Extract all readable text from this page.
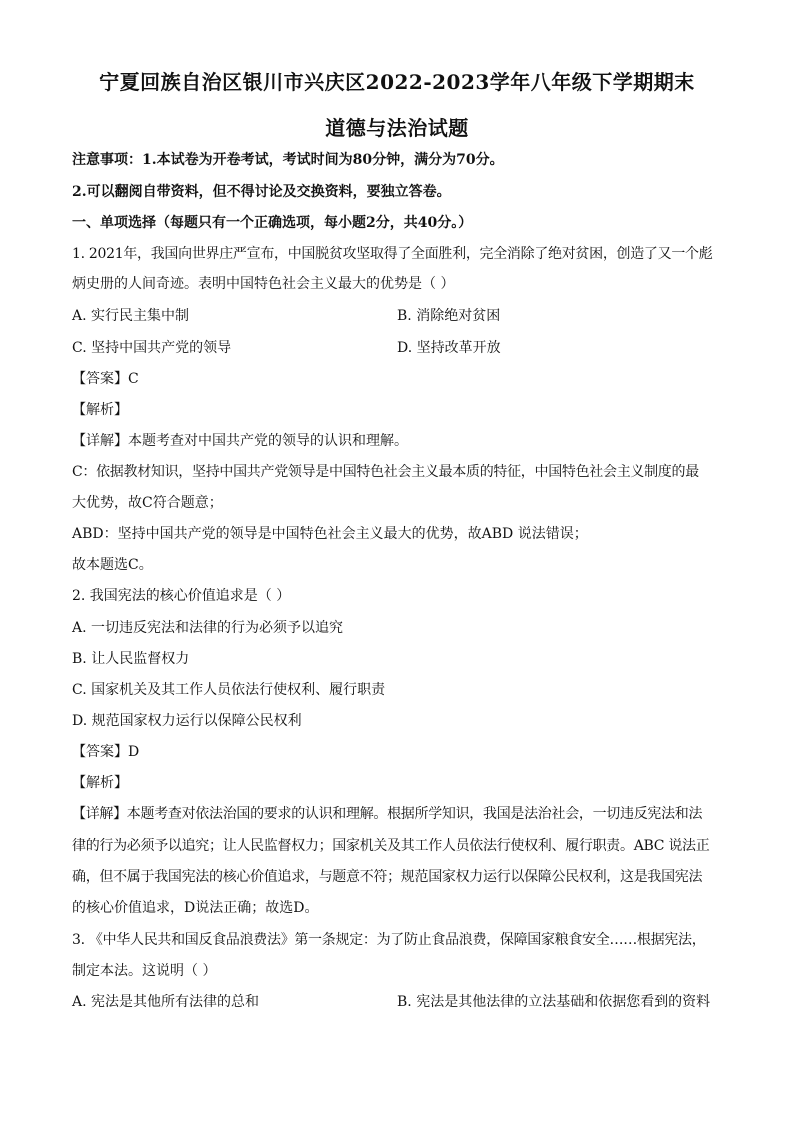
宁夏回族自治区银川市兴庆区2022-2023学年八年级下学期期末
道德与法治试题
注意事项：1.本试卷为开卷考试，考试时间为80分钟，满分为70分。
2.可以翻阅自带资料，但不得讨论及交换资料，要独立答卷。
一、单项选择（每题只有一个正确选项，每小题2分，共40分。）
1. 2021年，我国向世界庄严宣布，中国脱贫攻坚取得了全面胜利，完全消除了绝对贫困，创造了又一个彪
炳史册的人间奇迹。表明中国特色社会主义最大的优势是（ ）
A. 实行民主集中制	B. 消除绝对贫困
C. 坚持中国共产党的领导	D. 坚持改革开放
【答案】C
【解析】
【详解】本题考查对中国共产党的领导的认识和理解。
C：依据教材知识，坚持中国共产党领导是中国特色社会主义最本质的特征，中国特色社会主义制度的最
大优势，故C符合题意；
ABD：坚持中国共产党的领导是中国特色社会主义最大的优势，故ABD 说法错误；
故本题选C。
2. 我国宪法的核心价值追求是（ ）
A. 一切违反宪法和法律的行为必须予以追究
B. 让人民监督权力
C. 国家机关及其工作人员依法行使权利、履行职责
D. 规范国家权力运行以保障公民权利
【答案】D
【解析】
【详解】本题考查对依法治国的要求的认识和理解。根据所学知识，我国是法治社会，一切违反宪法和法
律的行为必须予以追究；让人民监督权力；国家机关及其工作人员依法行使权利、履行职责。ABC 说法正
确，但不属于我国宪法的核心价值追求，与题意不符；规范国家权力运行以保障公民权利，这是我国宪法
的核心价值追求，D说法正确；故选D。
3. 《中华人民共和国反食品浪费法》第一条规定：为了防止食品浪费，保障国家粮食安全……根据宪法，
制定本法。这说明（ ）
A. 宪法是其他所有法律的总和	B. 宪法是其他法律的立法基础和依据您看到的资料
